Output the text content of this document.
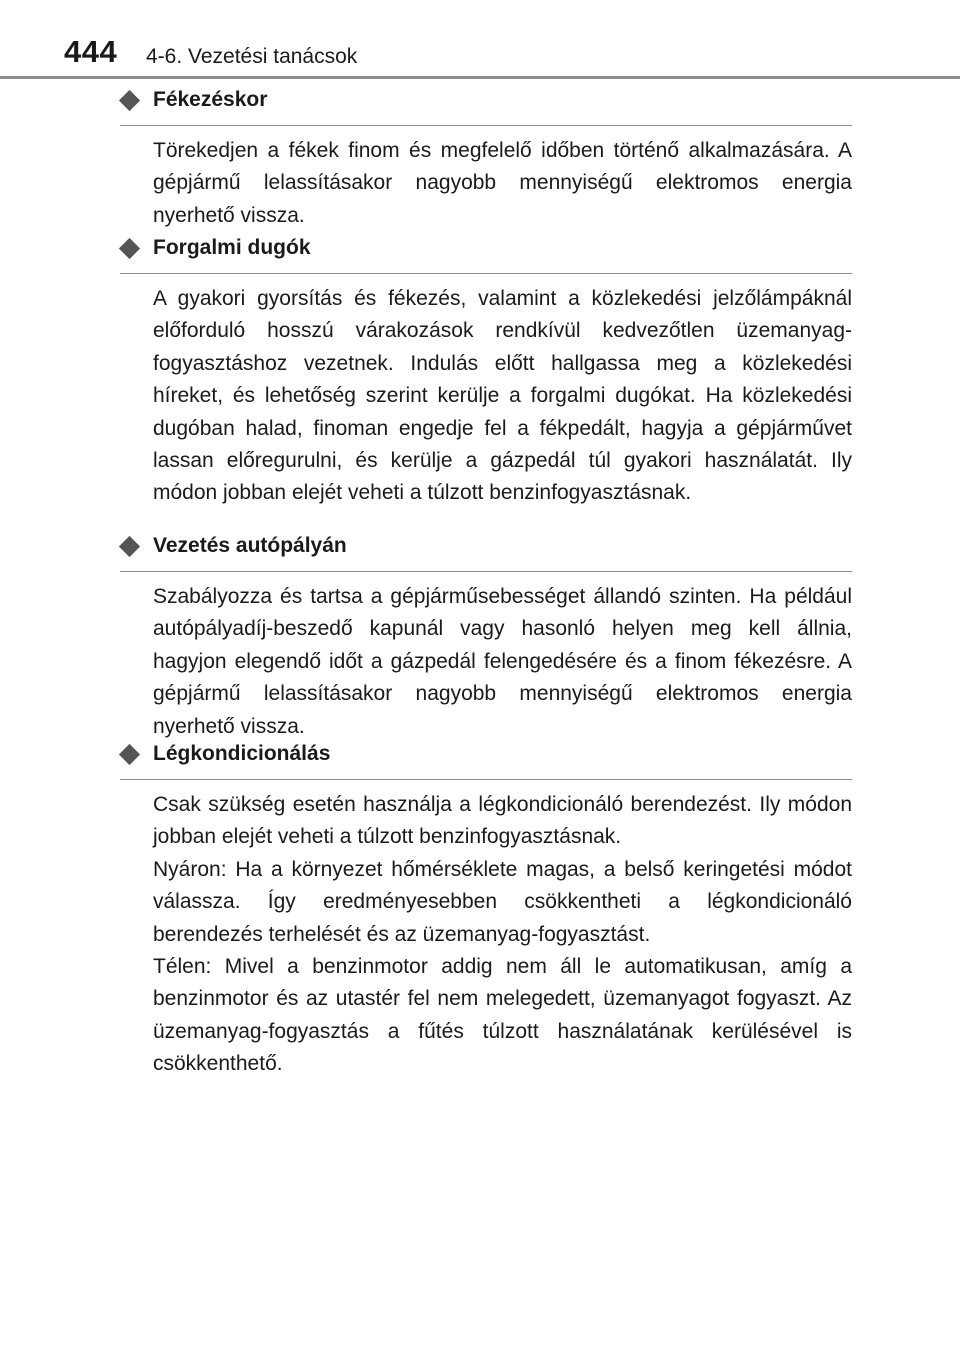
444 4-6. Vezetési tanácsok
Fékezéskor

Törekedjen a fékek finom és megfelelő időben történő alkalmazására. A gépjármű lelassításakor nagyobb mennyiségű elektromos energia nyerhető vissza.

Forgalmi dugók

A gyakori gyorsítás és fékezés, valamint a közlekedési jelzőlámpáknál előforduló hosszú várakozások rendkívül kedvezőtlen üzemanyag-fogyasztáshoz vezetnek. Indulás előtt hallgassa meg a közlekedési híreket, és lehetőség szerint kerülje a forgalmi dugókat. Ha közlekedési dugóban halad, finoman engedje fel a fékpedált, hagyja a gépjárművet lassan előregurulni, és kerülje a gázpedál túl gyakori használatát. Ily módon jobban elejét veheti a túlzott benzinfogyasztásnak.

Vezetés autópályán

Szabályozza és tartsa a gépjárműsebességet állandó szinten. Ha például autópályadíj-beszedő kapunál vagy hasonló helyen meg kell állnia, hagyjon elegendő időt a gázpedál felengedésére és a finom fékezésre. A gépjármű lelassításakor nagyobb mennyiségű elektromos energia nyerhető vissza.

Légkondicionálás

Csak szükség esetén használja a légkondicionáló berendezést. Ily módon jobban elejét veheti a túlzott benzinfogyasztásnak.

Nyáron: Ha a környezet hőmérséklete magas, a belső keringetési módot válassza. Így eredményesebben csökkentheti a légkondicionáló berendezés terhelését és az üzemanyag-fogyasztást.

Télen: Mivel a benzinmotor addig nem áll le automatikusan, amíg a benzinmotor és az utastér fel nem melegedett, üzemanyagot fogyaszt. Az üzemanyag-fogyasztás a fűtés túlzott használatának kerülésével is csökkenthető.
